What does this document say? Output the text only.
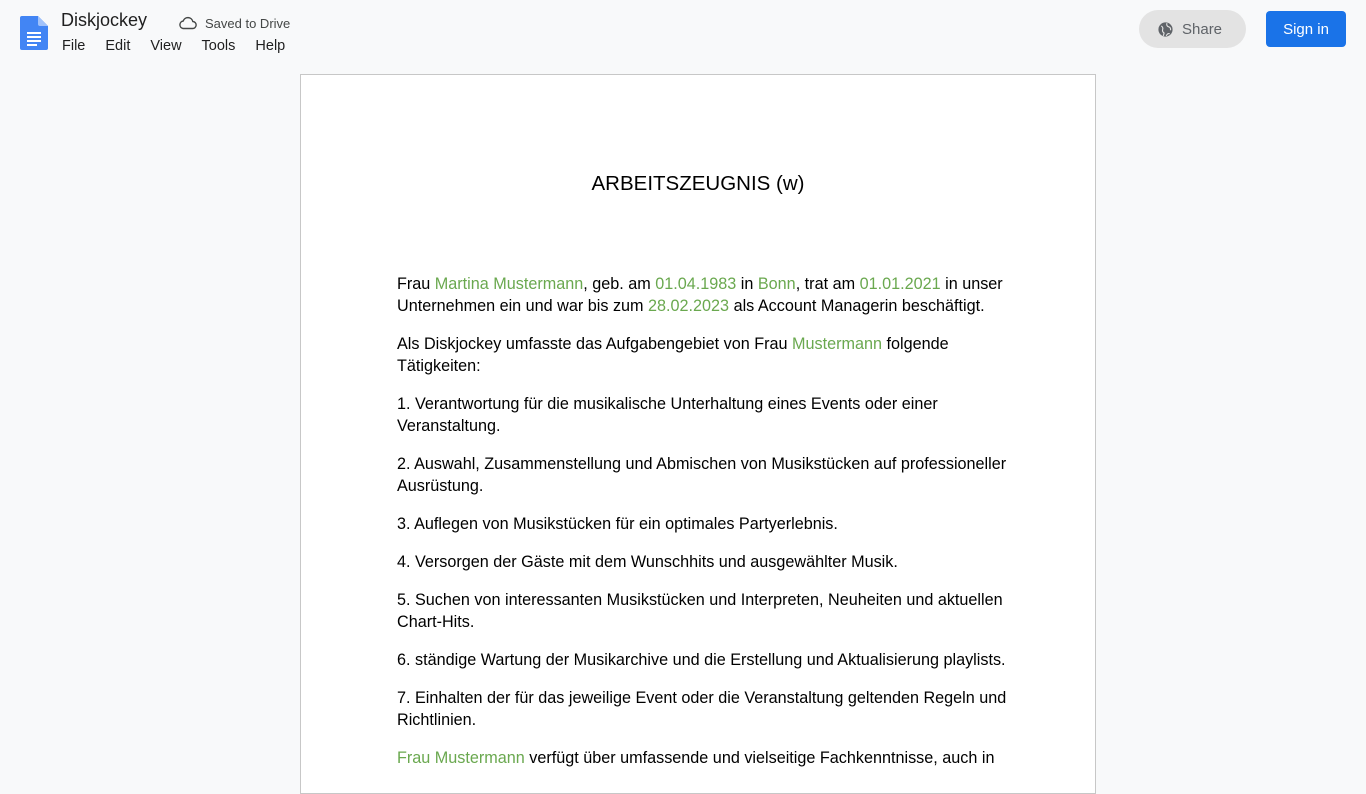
Diskjockey	Saved to Drive
File	Edit	View	Tools	Help
Share	Sign in
ARBEITSZEUGNIS (w)

Frau Martina Mustermann, geb. am 01.04.1983 in Bonn, trat am 01.01.2021 in unser Unternehmen ein und war bis zum 28.02.2023 als Account Managerin beschäftigt.

Als Diskjockey umfasste das Aufgabengebiet von Frau Mustermann folgende Tätigkeiten:

1. Verantwortung für die musikalische Unterhaltung eines Events oder einer Veranstaltung.

2. Auswahl, Zusammenstellung und Abmischen von Musikstücken auf professioneller Ausrüstung.

3. Auflegen von Musikstücken für ein optimales Partyerlebnis.

4. Versorgen der Gäste mit dem Wunschhits und ausgewählter Musik.

5. Suchen von interessanten Musikstücken und Interpreten, Neuheiten und aktuellen Chart-Hits.

6. ständige Wartung der Musikarchive und die Erstellung und Aktualisierung playlists.

7. Einhalten der für das jeweilige Event oder die Veranstaltung geltenden Regeln und Richtlinien.

Frau Mustermann verfügt über umfassende und vielseitige Fachkenntnisse, auch in
